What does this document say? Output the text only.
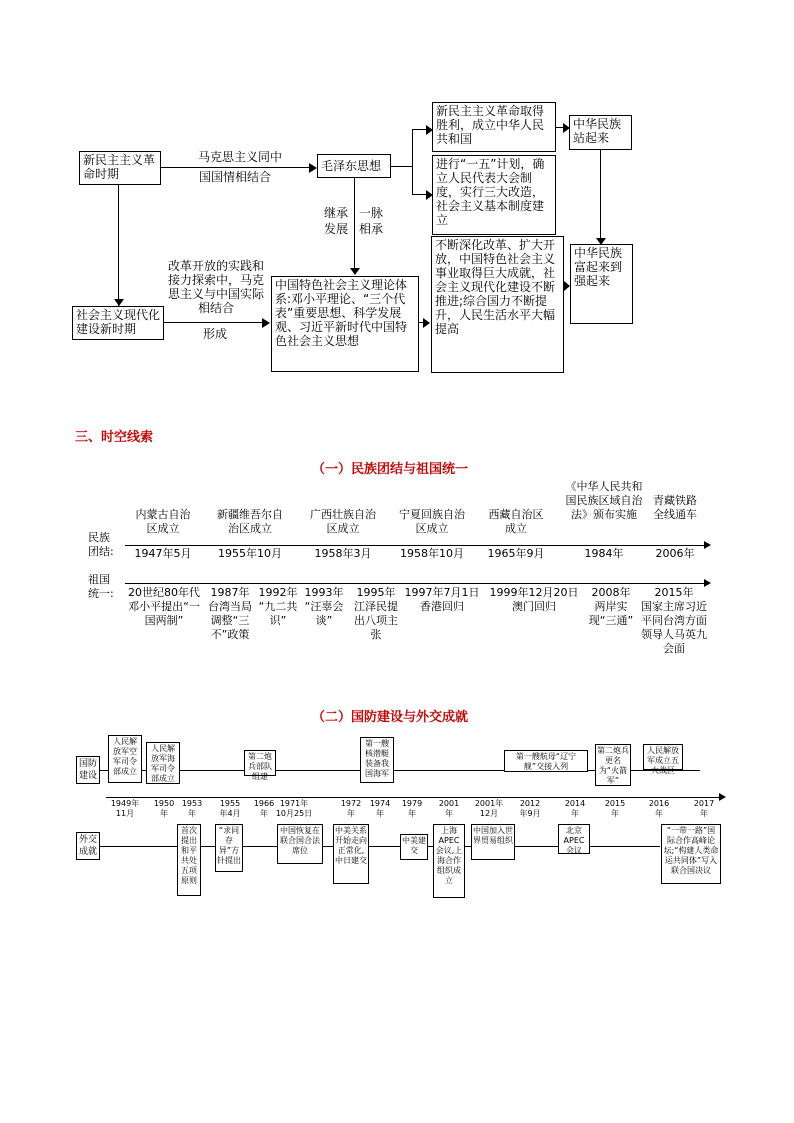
新民主主义革命时期
社会主义现代化建设新时期
马克思主义同中
国国情相结合
毛泽东思想
新民主主义革命取得胜利，成立中华人民共和国
进行“一五”计划，确立人民代表大会制度，实行三大改造，社会主义基本制度建立
中华民族站起来
继承
发展
一脉
相承
改革开放的实践和接力探索中，马克思主义与中国实际相结合
形成
中国特色社会主义理论体系:邓小平理论、“三个代表”重要思想、科学发展观、习近平新时代中国特色社会主义思想
不断深化改革、扩大开放，中国特色社会主义事业取得巨大成就，社会主义现代化建设不断推进;综合国力不断提升，人民生活水平大幅提高
中华民族富起来到强起来
三、时空线索
（一）民族团结与祖国统一
民族团结:
祖国统一:
内蒙古自治区成立
1947年5月
新疆维吾尔自治区成立
1955年10月
广西壮族自治区成立
1958年3月
宁夏回族自治区成立
1958年10月
西藏自治区成立
1965年9月
《中华人民共和国民族区域自治法》颁布实施
1984年
青藏铁路全线通车
2006年
20世纪80年代
邓小平提出“一国两制”
1987年
台湾当局调整“三不”政策
1992年
“九二共识”
1993年
“汪辜会谈”
1995年
江泽民提出八项主张
1997年7月1日
香港回归
1999年12月20日
澳门回归
2008年
两岸实现“三通”
2015年
国家主席习近平同台湾方面领导人马英九会面
（二）国防建设与外交成就
国防建设
外交成就
人民解放军空军司令部成立
人民解放军海军司令部成立
第二炮兵部队组建
第一艘核潜艇装备我国海军
第一艘航母“辽宁舰”交接入列
第二炮兵更名为“火箭军”
人民解放军成立五大战区
1949年
11月
1950
年
1953
年
1955
年4月
1966
年
1971年
10月25日
1972
年
1974
年
1979
年
2001
年
2001年
12月
2012
年9月
2014
年
2015
年
2016
年
2017
年
首次提出和平共处五项原则
“求同存异”方针提出
中国恢复在联合国合法席位
中美关系开始走向正常化,中日建交
中美建交
上海APEC会议,上海合作组织成立
中国加入世界贸易组织
北京APEC会议
“一带一路”国际合作高峰论坛;“构建人类命运共同体”写入联合国决议
